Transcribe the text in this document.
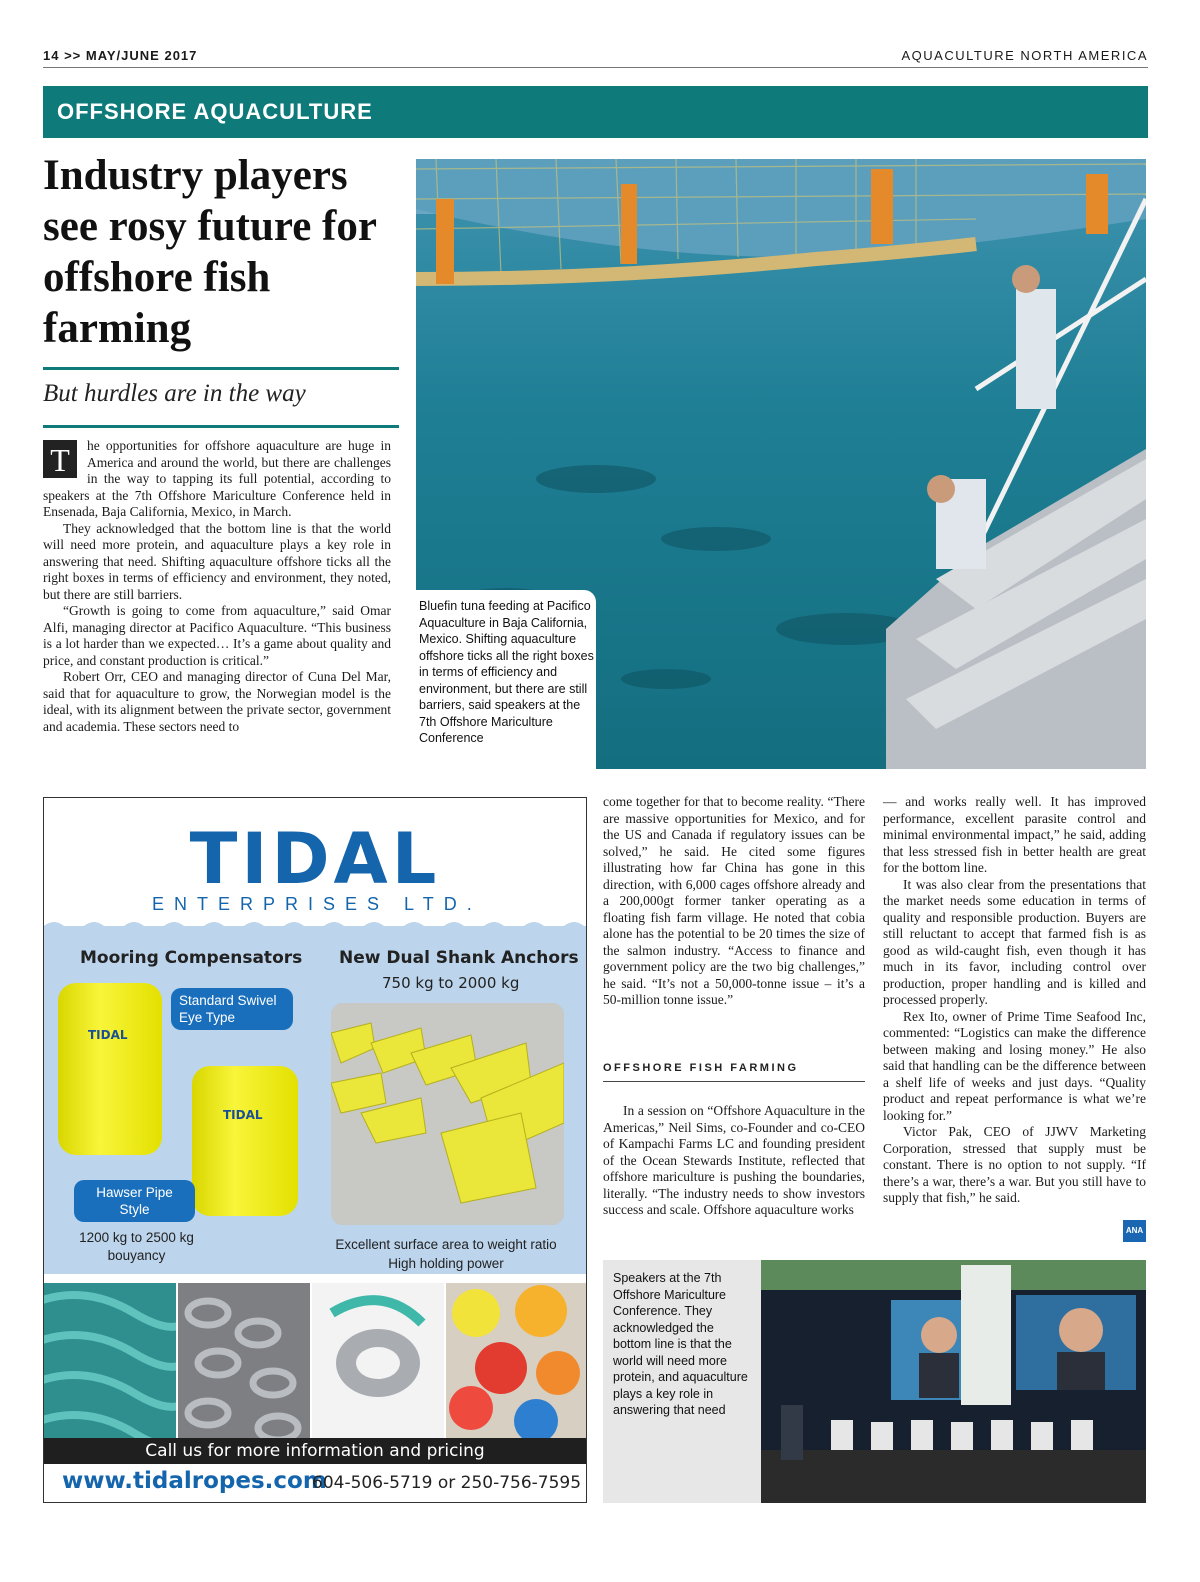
14 >> MAY/JUNE 2017	AQUACULTURE NORTH AMERICA
OFFSHORE AQUACULTURE
Industry players see rosy future for offshore fish farming
But hurdles are in the way

T	he opportunities for offshore aquaculture are huge in America and around the world, but there are challenges in the way to tapping its full potential, according to speakers at the 7th Offshore Mariculture Conference held in Ensenada, Baja California, Mexico, in March.

They acknowledged that the bottom line is that the world will need more protein, and aquaculture plays a key role in answering that need. Shifting aquaculture offshore ticks all the right boxes in terms of efficiency and environment, they noted, but there are still barriers.

“Growth is going to come from aquaculture,” said Omar Alfi, managing director at Pacifico Aquaculture. “This business is a lot harder than we expected… It’s a game about quality and price, and constant production is critical.”

Robert Orr, CEO and managing director of Cuna Del Mar, said that for aquaculture to grow, the Norwegian model is the ideal, with its alignment between the private sector, government and academia. These sectors need to

Bluefin tuna feeding at Pacifico Aquaculture in Baja California, Mexico. Shifting aquaculture offshore ticks all the right boxes in terms of efficiency and environment, but there are still barriers, said speakers at the 7th Offshore Mariculture Conference
TIDAL
ENTERPRISES LTD.
Mooring Compensators
TIDAL
TIDAL
Standard Swivel Eye Type
Hawser Pipe Style
1200 kg to 2500 kg bouyancy
New Dual Shank Anchors
750 kg to 2000 kg
Excellent surface area to weight ratio High holding power
Call us for more information and pricing
www.tidalropes.com
604-506-5719 or 250-756-7595

come together for that to become reality. “There are massive opportunities for Mexico, and for the US and Canada if regulatory issues can be solved,” he said. He cited some figures illustrating how far China has gone in this direction, with 6,000 cages offshore already and a 200,000gt former tanker operating as a floating fish farm village. He noted that cobia alone has the potential to be 20 times the size of the salmon industry. “Access to finance and government policy are the two big challenges,” he said. “It’s not a 50,000-tonne issue – it’s a 50-million tonne issue.”

OFFSHORE FISH FARMING

In a session on “Offshore Aquaculture in the Americas,” Neil Sims, co-Founder and co-CEO of Kampachi Farms LC and founding president of the Ocean Stewards Institute, reflected that offshore mariculture is pushing the boundaries, literally. “The industry needs to show investors success and scale. Offshore aquaculture works

— and works really well. It has improved performance, excellent parasite control and minimal environmental impact,” he said, adding that less stressed fish in better health are great for the bottom line.

It was also clear from the presentations that the market needs some education in terms of quality and responsible production. Buyers are still reluctant to accept that farmed fish is as good as wild-caught fish, even though it has much in its favor, including control over production, proper handling and is killed and processed properly.

Rex Ito, owner of Prime Time Seafood Inc, commented: “Logistics can make the difference between making and losing money.” He also said that handling can be the difference between a shelf life of weeks and just days. “Quality product and repeat performance is what we’re looking for.”

Victor Pak, CEO of JJWV Marketing Corporation, stressed that supply must be constant. There is no option to not supply. “If there’s a war, there’s a war. But you still have to supply that fish,” he said.

ANA
Speakers at the 7th Offshore Mariculture Conference. They acknowledged the bottom line is that the world will need more protein, and aquaculture plays a key role in answering that need
